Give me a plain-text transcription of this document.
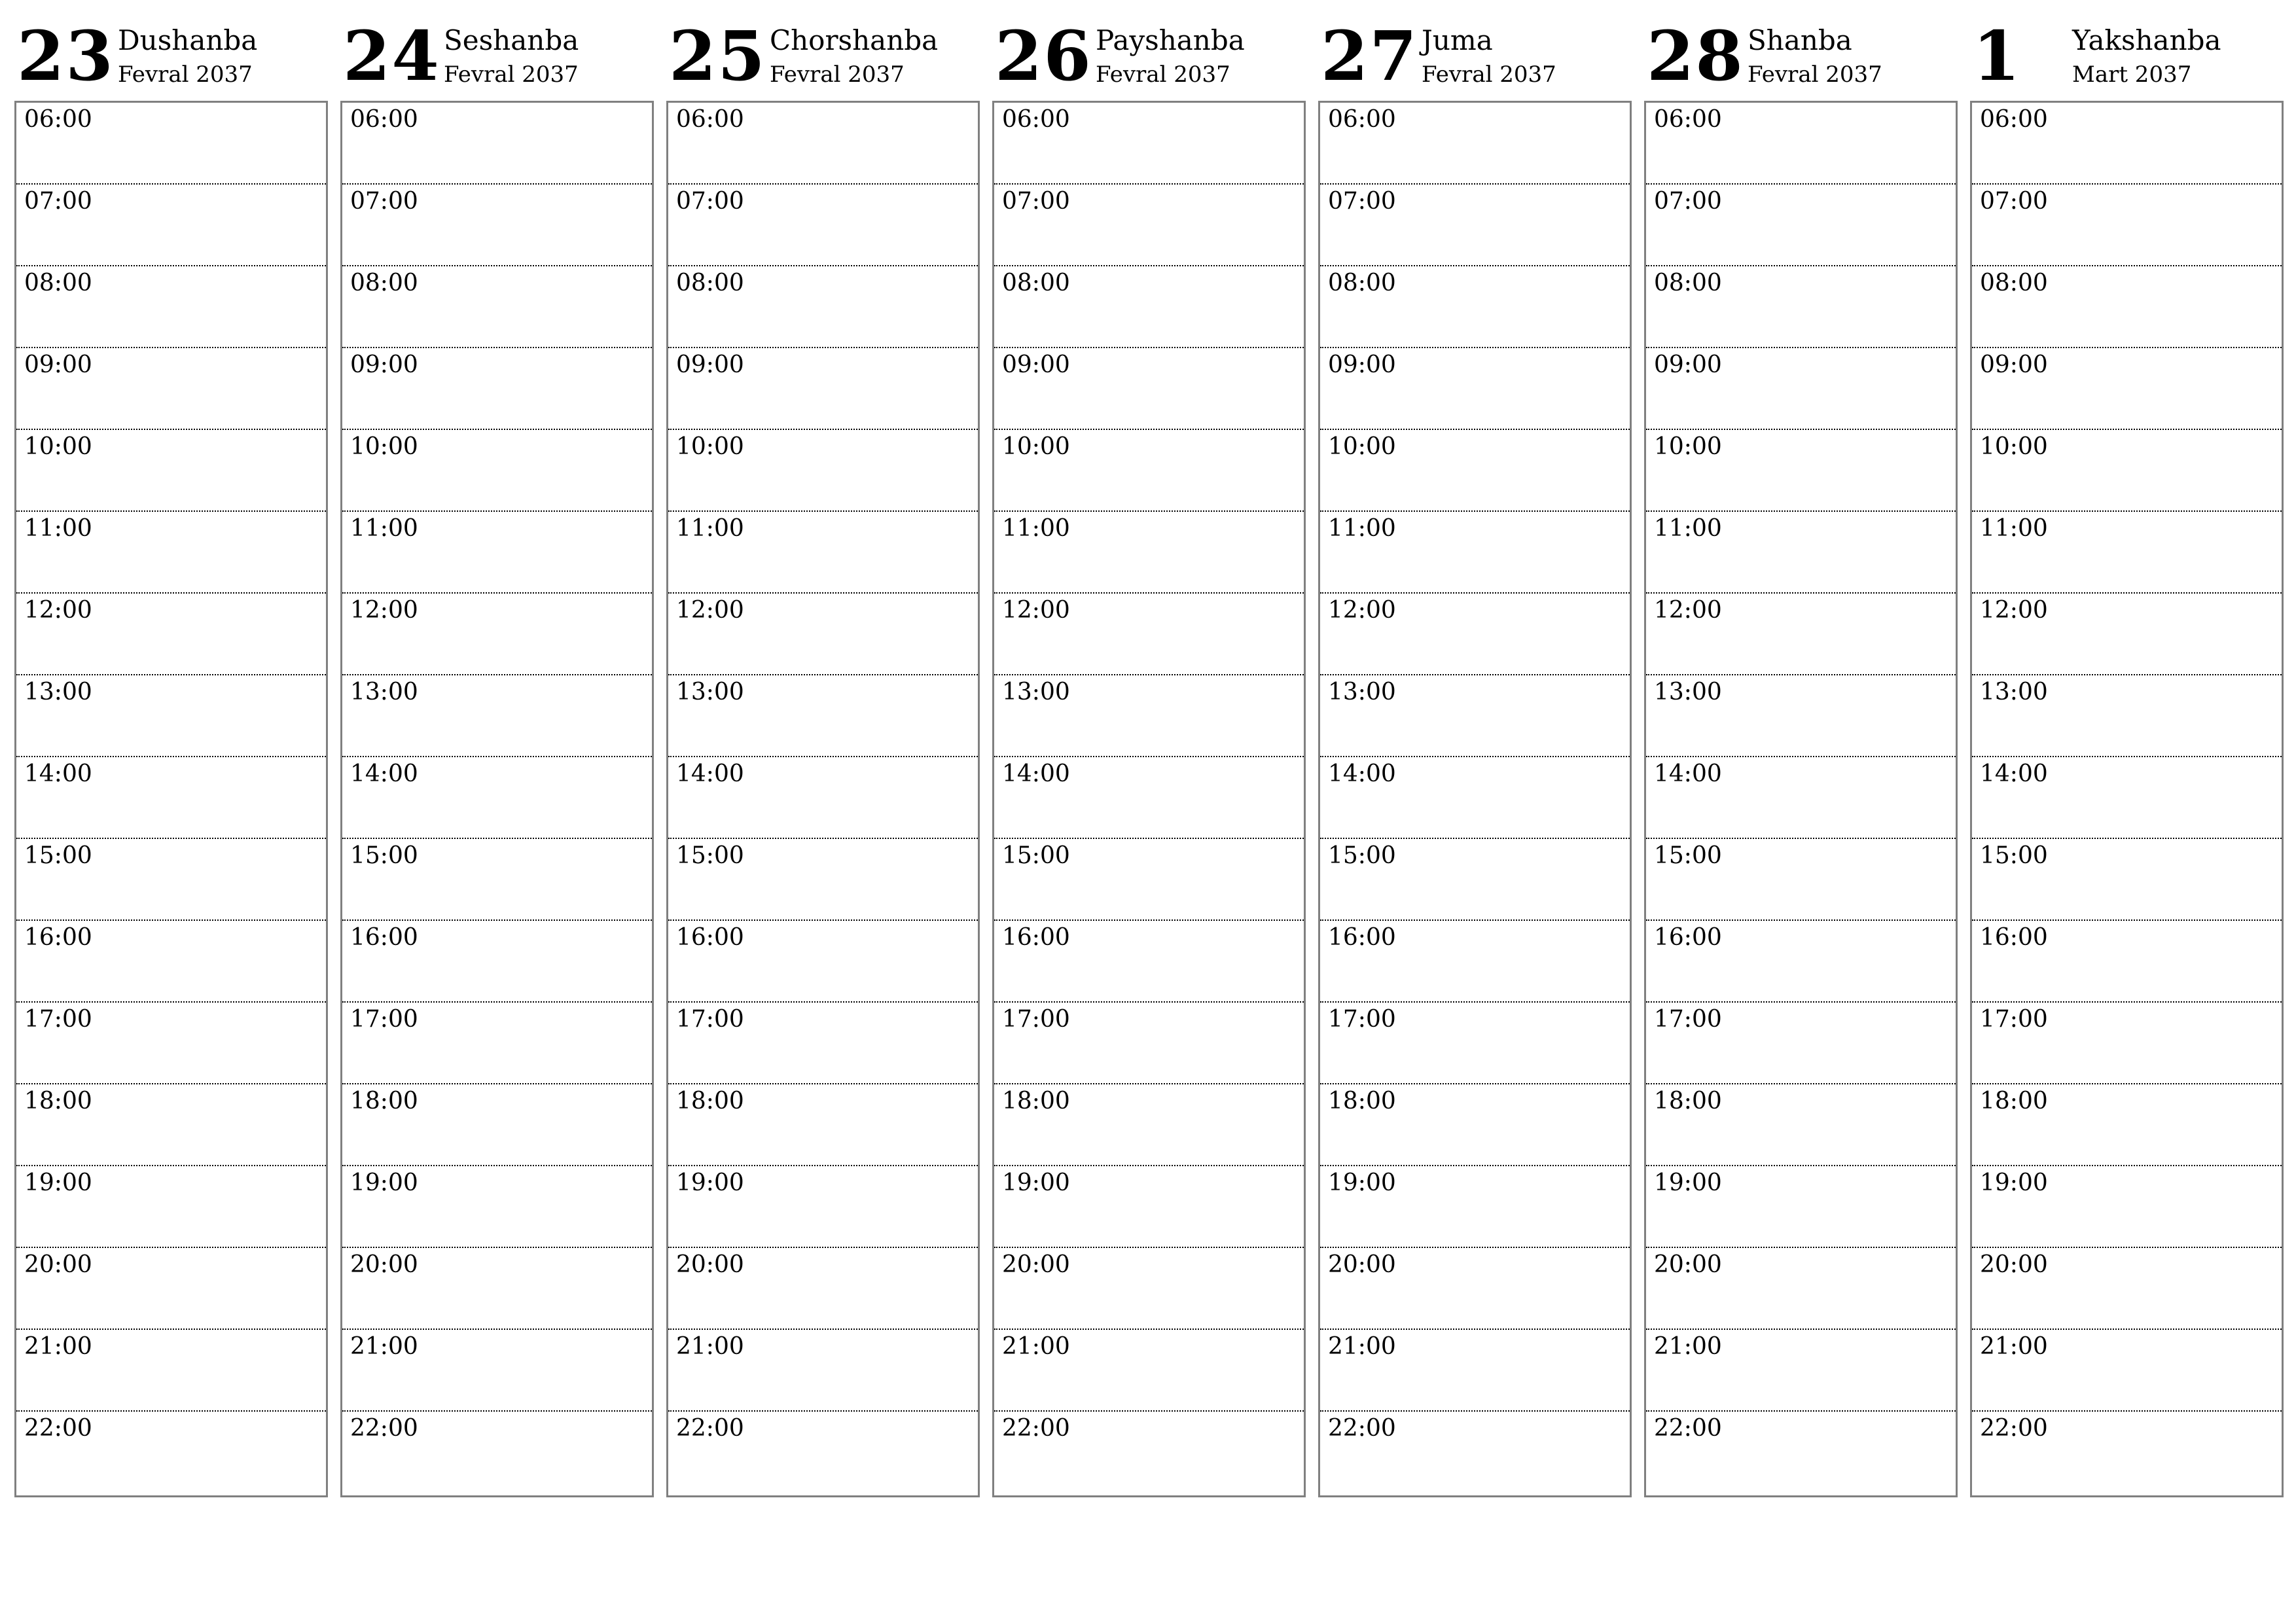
23 Dushanba
Fevral 2037
06:00
07:00
08:00
09:00
10:00
11:00
12:00
13:00
14:00
15:00
16:00
17:00
18:00
19:00
20:00
21:00
22:00
24 Seshanba
Fevral 2037
06:00
07:00
08:00
09:00
10:00
11:00
12:00
13:00
14:00
15:00
16:00
17:00
18:00
19:00
20:00
21:00
22:00
25 Chorshanba
Fevral 2037
06:00
07:00
08:00
09:00
10:00
11:00
12:00
13:00
14:00
15:00
16:00
17:00
18:00
19:00
20:00
21:00
22:00
26 Payshanba
Fevral 2037
06:00
07:00
08:00
09:00
10:00
11:00
12:00
13:00
14:00
15:00
16:00
17:00
18:00
19:00
20:00
21:00
22:00
27 Juma
Fevral 2037
06:00
07:00
08:00
09:00
10:00
11:00
12:00
13:00
14:00
15:00
16:00
17:00
18:00
19:00
20:00
21:00
22:00
28 Shanba
Fevral 2037
06:00
07:00
08:00
09:00
10:00
11:00
12:00
13:00
14:00
15:00
16:00
17:00
18:00
19:00
20:00
21:00
22:00
1 Yakshanba
Mart 2037
06:00
07:00
08:00
09:00
10:00
11:00
12:00
13:00
14:00
15:00
16:00
17:00
18:00
19:00
20:00
21:00
22:00
